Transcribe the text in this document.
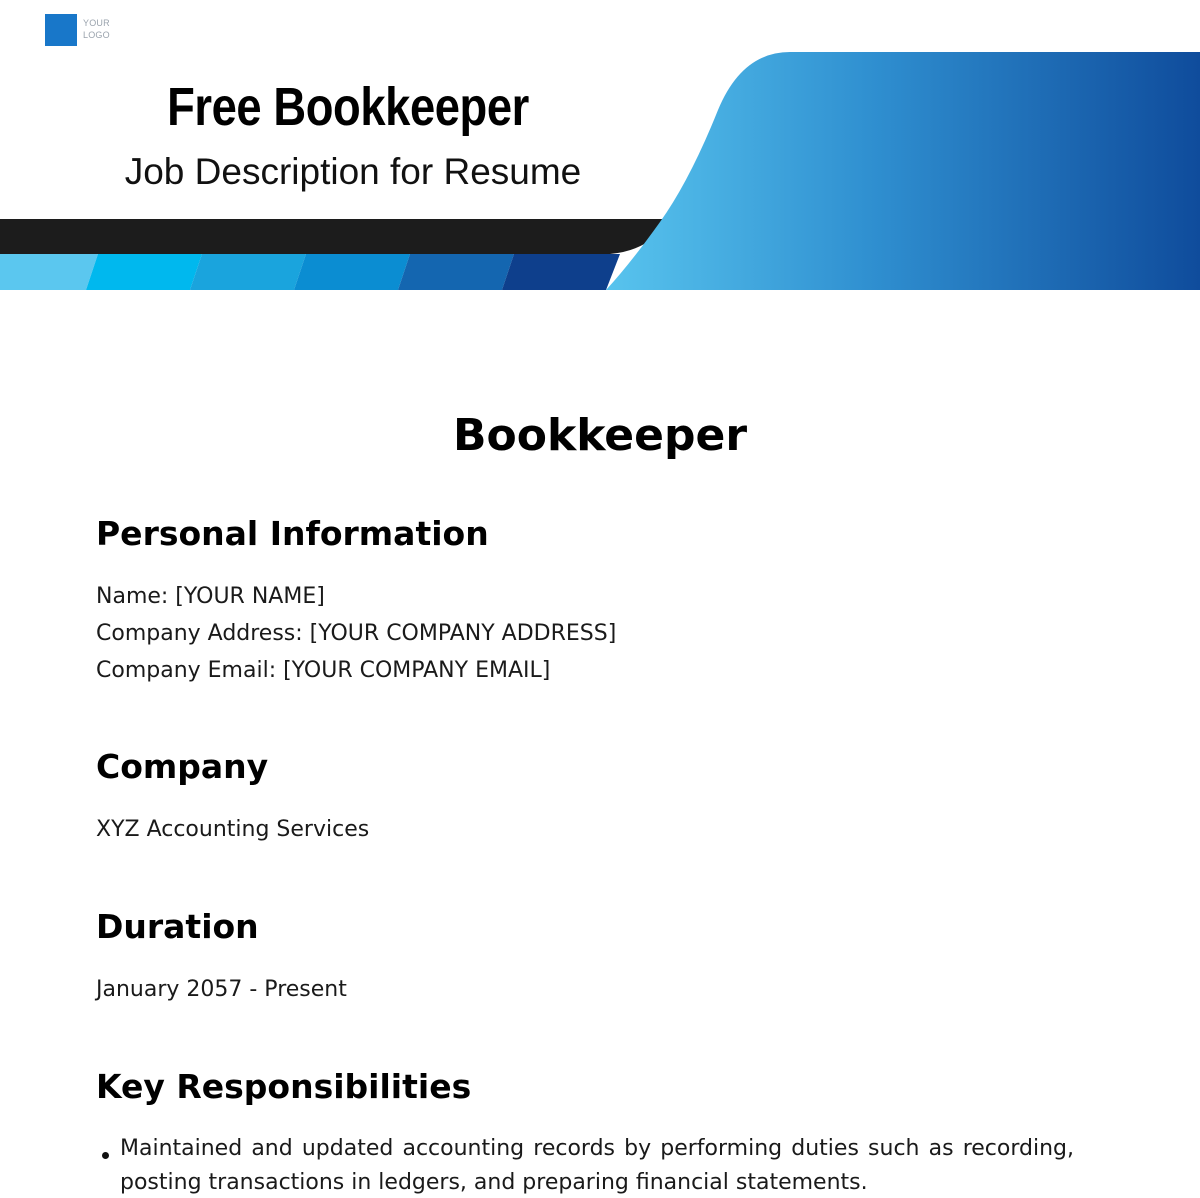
YOUR
LOGO
Free Bookkeeper
Job Description for Resume
Bookkeeper
Personal Information
Name: [YOUR NAME]
Company Address: [YOUR COMPANY ADDRESS]
Company Email: [YOUR COMPANY EMAIL]
Company
XYZ Accounting Services
Duration
January 2057 - Present
Key Responsibilities
Maintained and updated accounting records by performing duties such as recording, posting transactions in ledgers, and preparing financial statements.
